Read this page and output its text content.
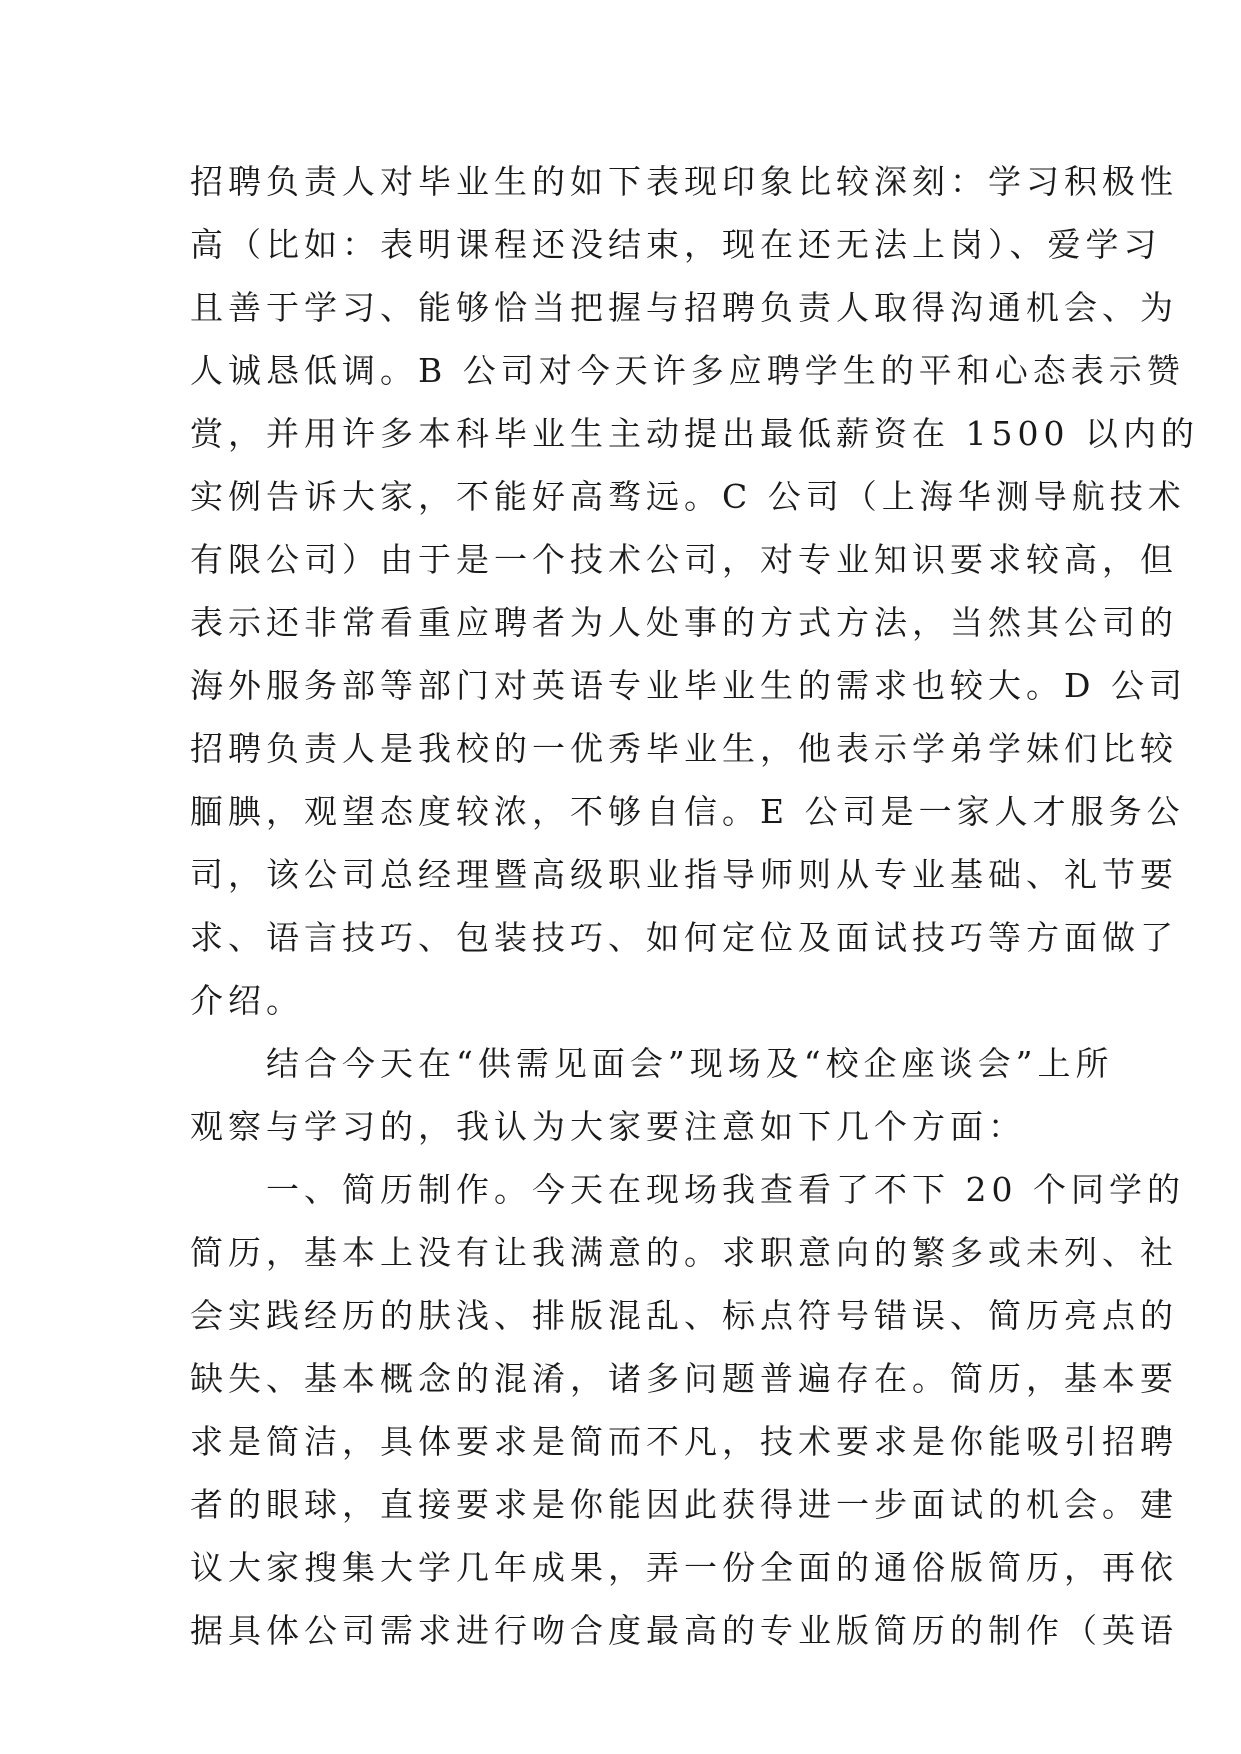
招聘负责人对毕业生的如下表现印象比较深刻：学习积极性
高（比如：表明课程还没结束，现在还无法上岗）、爱学习
且善于学习、能够恰当把握与招聘负责人取得沟通机会、为
人诚恳低调。B 公司对今天许多应聘学生的平和心态表示赞
赏，并用许多本科毕业生主动提出最低薪资在 1500 以内的
实例告诉大家，不能好高骛远。C 公司（上海华测导航技术
有限公司）由于是一个技术公司，对专业知识要求较高，但
表示还非常看重应聘者为人处事的方式方法，当然其公司的
海外服务部等部门对英语专业毕业生的需求也较大。D 公司
招聘负责人是我校的一优秀毕业生，他表示学弟学妹们比较
腼腆，观望态度较浓，不够自信。E 公司是一家人才服务公
司，该公司总经理暨高级职业指导师则从专业基础、礼节要
求、语言技巧、包装技巧、如何定位及面试技巧等方面做了
介绍。
　　结合今天在“供需见面会”现场及“校企座谈会”上所
观察与学习的，我认为大家要注意如下几个方面：
　　一、简历制作。今天在现场我查看了不下 20 个同学的
简历，基本上没有让我满意的。求职意向的繁多或未列、社
会实践经历的肤浅、排版混乱、标点符号错误、简历亮点的
缺失、基本概念的混淆，诸多问题普遍存在。简历，基本要
求是简洁，具体要求是简而不凡，技术要求是你能吸引招聘
者的眼球，直接要求是你能因此获得进一步面试的机会。建
议大家搜集大学几年成果，弄一份全面的通俗版简历，再依
据具体公司需求进行吻合度最高的专业版简历的制作（英语
